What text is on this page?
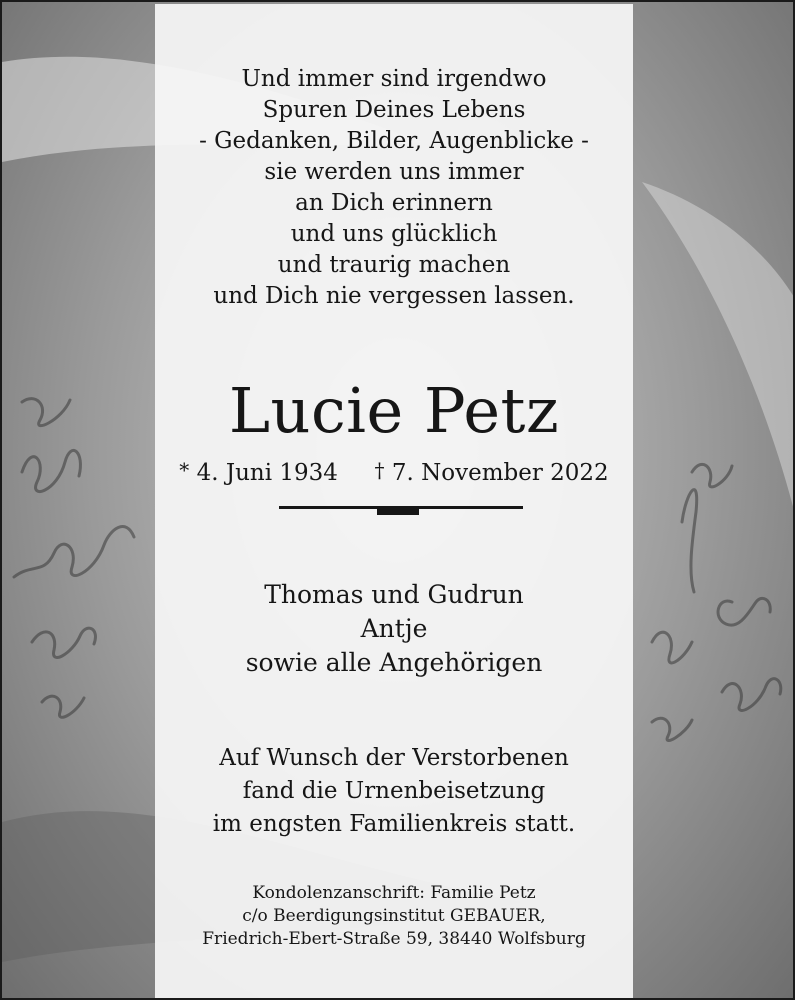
Und immer sind irgendwo
Spuren Deines Lebens
- Gedanken, Bilder, Augenblicke -
sie werden uns immer
an Dich erinnern
und uns glücklich
und traurig machen
und Dich nie vergessen lassen.
Lucie Petz
* 4. Juni 1934 † 7. November 2022
Thomas und Gudrun
Antje
sowie alle Angehörigen
Auf Wunsch der Verstorbenen
fand die Urnenbeisetzung
im engsten Familienkreis statt.
Kondolenzanschrift: Familie Petz
c/o Beerdigungsinstitut GEBAUER,
Friedrich-Ebert-Straße 59, 38440 Wolfsburg
